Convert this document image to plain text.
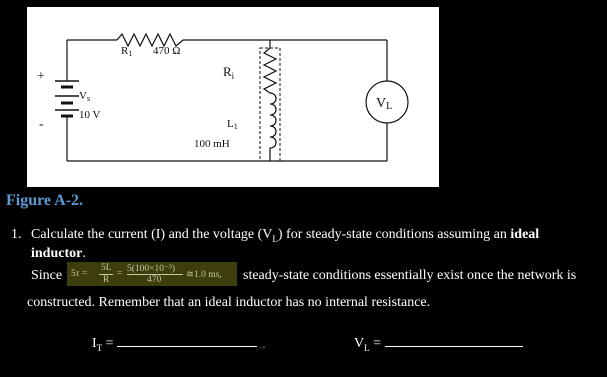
R1 470 Ω
$R_i$
L1
100 mH
Vs
10 V
+
-
VL
Figure A-2.
1. Calculate the current (I) and the voltage $(V_L)$ for steady-state conditions assuming an ideal
inductor.
Since 5τ =
5L
R
= 5(100×10⁻³)
470	≅1.0 ms, steady-state conditions essentially exist once the network is
constructed. Remember that an ideal inductor has no internal resistance.
$I_T$ =	→	$V_L$ =
